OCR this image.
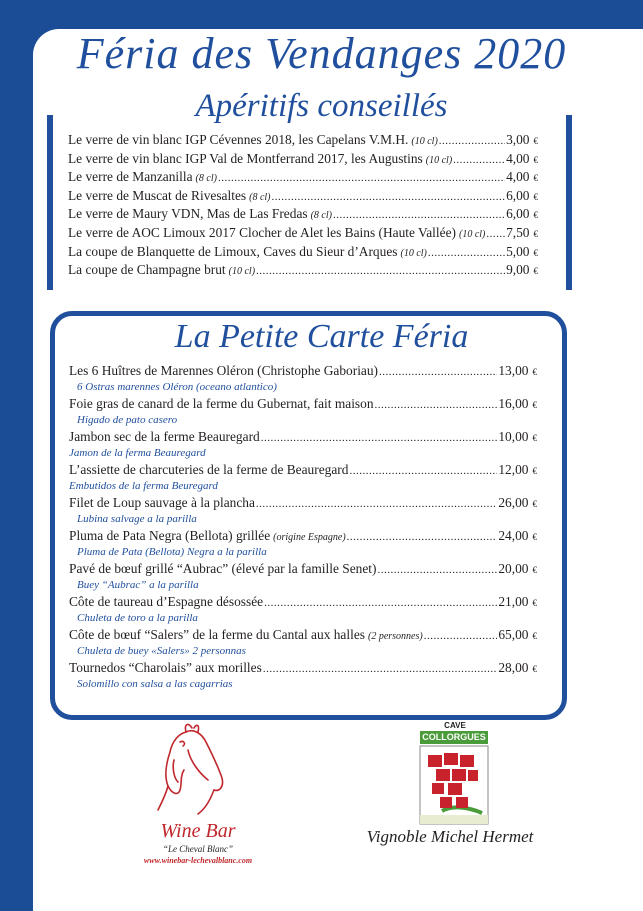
Féria des Vendanges 2020
Apéritifs conseillés
Le verre de vin blanc IGP Cévennes 2018, les Capelans V.M.H. (10 cl) .....	3,00 €
Le verre de vin blanc IGP Val de Montferrand 2017, les Augustins (10 cl) .....	4,00 €
Le verre de Manzanilla (8 cl) .....	4,00 €
Le verre de Muscat de Rivesaltes (8 cl) .....	6,00 €
Le verre de Maury VDN, Mas de Las Fredas (8 cl) .....	6,00 €
Le verre de AOC Limoux 2017 Clocher de Alet les Bains (Haute Vallée) (10 cl) ..... 7,50 €
La coupe de Blanquette de Limoux, Caves du Sieur d’Arques (10 cl) .....	5,00 €
La coupe de Champagne brut (10 cl) .....	9,00 €
La Petite Carte Féria
Les 6 Huîtres de Marennes Oléron (Christophe Gaboriau) .....	13,00 €
6 Ostras marennes Oléron (oceano atlantico)
Foie gras de canard de la ferme du Gubernat, fait maison .....	16,00 €
Higado de pato casero
Jambon sec de la ferme Beauregard .....	10,00 €
Jamon de la ferma Beauregard
L’assiette de charcuteries de la ferme de Beauregard .....	12,00 €
Embutidos de la ferma Beuregard
Filet de Loup sauvage à la plancha .....	26,00 €
Lubina salvage a la parilla
Pluma de Pata Negra (Bellota) grillée (origine Espagne) .....	24,00 €
Pluma de Pata (Bellota) Negra a la parilla
Pavé de bœuf grillé “Aubrac” (élevé par la famille Senet) .....	20,00 €
Buey “Aubrac” a la parilla
Côte de taureau d’Espagne désossée .....	21,00 €
Chuleta de toro a la parilla
Côte de bœuf “Salers” de la ferme du Cantal aux halles (2 personnes) .....	65,00 €
Chuleta de buey «Salers» 2 personnas
Tournedos “Charolais” aux morilles .....	28,00 €
Solomillo con salsa a las cagarrias
Wine Bar
“Le Cheval Blanc”
www.winebar-lechevalblanc.com
CAVE
COLLORGUES
Vignoble Michel Hermet
